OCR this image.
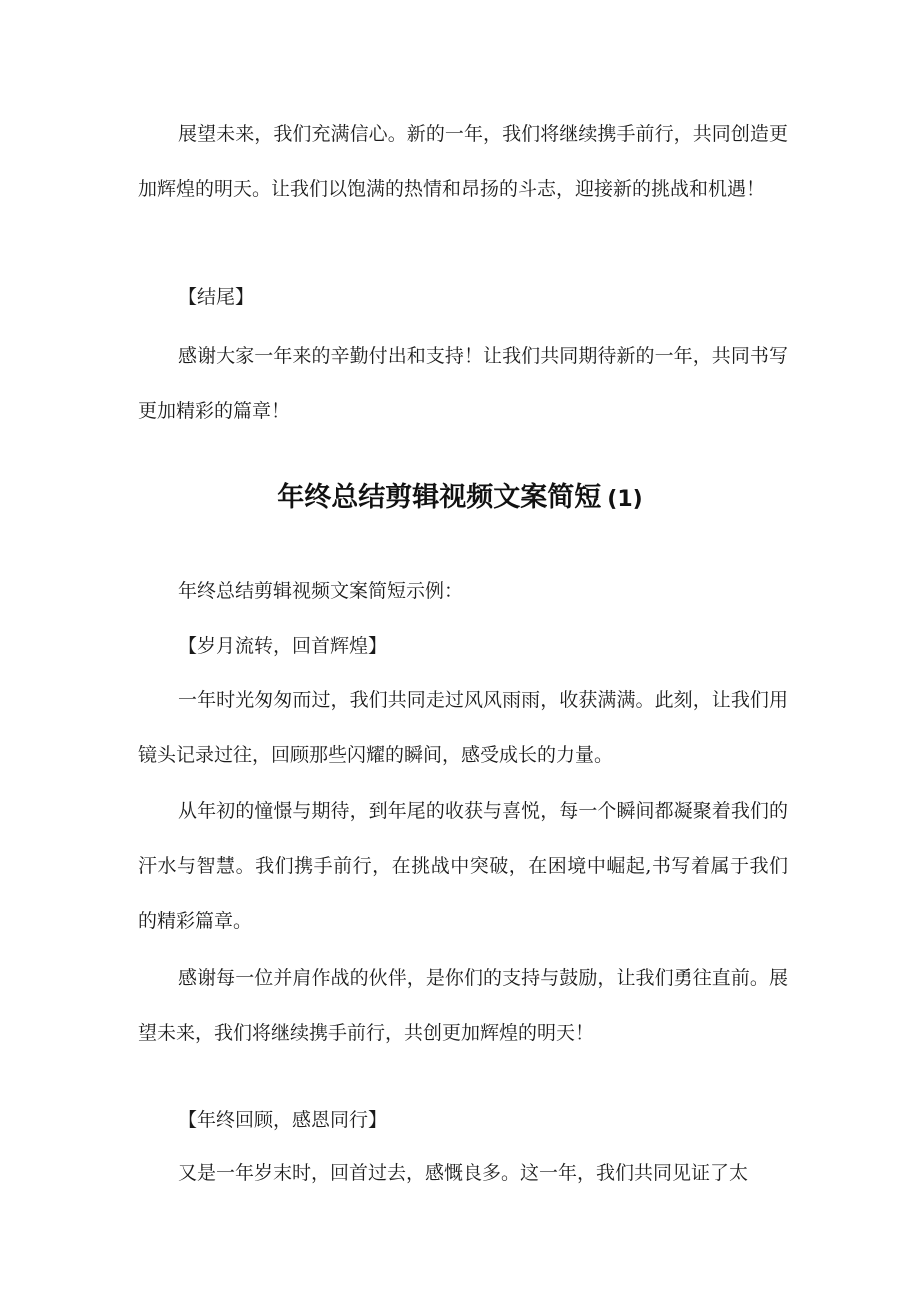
展望未来，我们充满信心。新的一年，我们将继续携手前行，共同创造更加辉煌的明天。让我们以饱满的热情和昂扬的斗志，迎接新的挑战和机遇！

【结尾】

感谢大家一年来的辛勤付出和支持！让我们共同期待新的一年，共同书写更加精彩的篇章！

年终总结剪辑视频文案简短 (1)

年终总结剪辑视频文案简短示例：

【岁月流转，回首辉煌】

一年时光匆匆而过，我们共同走过风风雨雨，收获满满。此刻，让我们用镜头记录过往，回顾那些闪耀的瞬间，感受成长的力量。

从年初的憧憬与期待，到年尾的收获与喜悦，每一个瞬间都凝聚着我们的汗水与智慧。我们携手前行，在挑战中突破，在困境中崛起,书写着属于我们的精彩篇章。

感谢每一位并肩作战的伙伴，是你们的支持与鼓励，让我们勇往直前。展望未来，我们将继续携手前行，共创更加辉煌的明天！

【年终回顾，感恩同行】

又是一年岁末时，回首过去，感慨良多。这一年，我们共同见证了太
